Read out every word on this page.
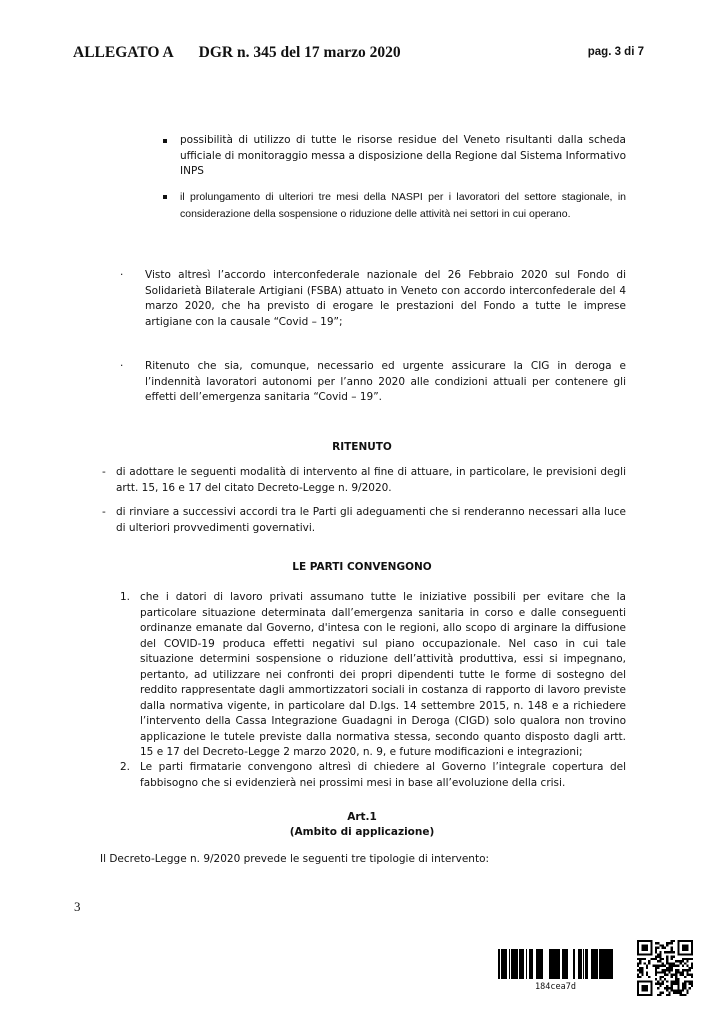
ALLEGATO A DGR n. 345 del 17 marzo 2020	pag. 3 di 7
possibilità di utilizzo di tutte le risorse residue del Veneto risultanti dalla scheda ufficiale di monitoraggio messa a disposizione della Regione dal Sistema Informativo INPS
il prolungamento di ulteriori tre mesi della NASPI per i lavoratori del settore stagionale, in considerazione della sospensione o riduzione delle attività nei settori in cui operano.
· Visto altresì l’accordo interconfederale nazionale del 26 Febbraio 2020 sul Fondo di Solidarietà Bilaterale Artigiani (FSBA) attuato in Veneto con accordo interconfederale del 4 marzo 2020, che ha previsto di erogare le prestazioni del Fondo a tutte le imprese artigiane con la causale “Covid – 19”;
· Ritenuto che sia, comunque, necessario ed urgente assicurare la CIG in deroga e l’indennità lavoratori autonomi per l’anno 2020 alle condizioni attuali per contenere gli effetti dell’emergenza sanitaria “Covid – 19”.
RITENUTO
- di adottare le seguenti modalità di intervento al fine di attuare, in particolare, le previsioni degli artt. 15, 16 e 17 del citato Decreto-Legge n. 9/2020.
- di rinviare a successivi accordi tra le Parti gli adeguamenti che si renderanno necessari alla luce di ulteriori provvedimenti governativi.
LE PARTI CONVENGONO
1. che i datori di lavoro privati assumano tutte le iniziative possibili per evitare che la particolare situazione determinata dall’emergenza sanitaria in corso e dalle conseguenti ordinanze emanate dal Governo, d'intesa con le regioni, allo scopo di arginare la diffusione del COVID-19 produca effetti negativi sul piano occupazionale. Nel caso in cui tale situazione determini sospensione o riduzione dell’attività produttiva, essi si impegnano, pertanto, ad utilizzare nei confronti dei propri dipendenti tutte le forme di sostegno del reddito rappresentate dagli ammortizzatori sociali in costanza di rapporto di lavoro previste dalla normativa vigente, in particolare dal D.lgs. 14 settembre 2015, n. 148 e a richiedere l’intervento della Cassa Integrazione Guadagni in Deroga (CIGD) solo qualora non trovino applicazione le tutele previste dalla normativa stessa, secondo quanto disposto dagli artt. 15 e 17 del Decreto-Legge 2 marzo 2020, n. 9, e future modificazioni e integrazioni;
2. Le parti firmatarie convengono altresì di chiedere al Governo l’integrale copertura del fabbisogno che si evidenzierà nei prossimi mesi in base all’evoluzione della crisi.
Art.1
(Ambito di applicazione)
Il Decreto-Legge n. 9/2020 prevede le seguenti tre tipologie di intervento:
3
184cea7d
